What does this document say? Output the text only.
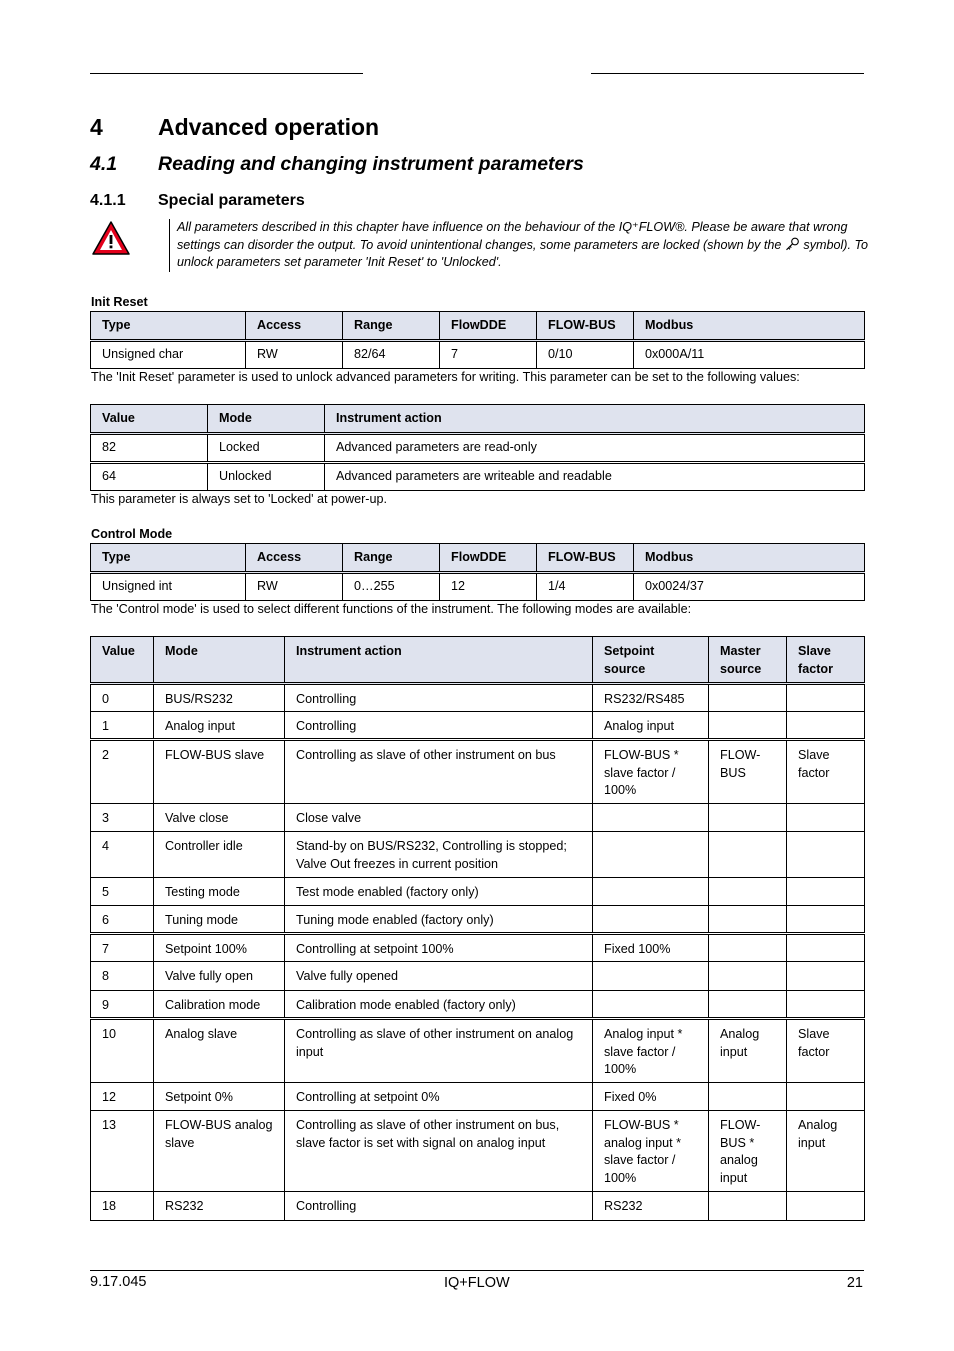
4 Advanced operation
4.1 Reading and changing instrument parameters
4.1.1 Special parameters
All parameters described in this chapter have influence on the behaviour of the IQ⁺FLOW®. Please be aware that wrong settings can disorder the output. To avoid unintentional changes, some parameters are locked (shown by the  symbol). To unlock parameters set parameter 'Init Reset' to 'Unlocked'.
Init Reset
Type	Access	Range	FlowDDE	FLOW-BUS	Modbus
Unsigned char	RW	82/64	7	0/10	0x000A/11
The 'Init Reset' parameter is used to unlock advanced parameters for writing. This parameter can be set to the following values:
Value	Mode	Instrument action
82	Locked	Advanced parameters are read-only
64	Unlocked	Advanced parameters are writeable and readable
This parameter is always set to 'Locked' at power-up.
Control Mode
Type	Access	Range	FlowDDE	FLOW-BUS	Modbus
Unsigned int	RW	0…255	12	1/4	0x0024/37
The 'Control mode' is used to select different functions of the instrument. The following modes are available:
Value	Mode	Instrument action	Setpoint source	Master source	Slave factor
0	BUS/RS232	Controlling	RS232/RS485		
1	Analog input	Controlling	Analog input		
2	FLOW-BUS slave	Controlling as slave of other instrument on bus	FLOW-BUS * slave factor / 100%	FLOW-BUS	Slave factor
3	Valve close	Close valve			
4	Controller idle	Stand-by on BUS/RS232, Controlling is stopped; Valve Out freezes in current position			
5	Testing mode	Test mode enabled (factory only)			
6	Tuning mode	Tuning mode enabled (factory only)			
7	Setpoint 100%	Controlling at setpoint 100%	Fixed 100%		
8	Valve fully open	Valve fully opened			
9	Calibration mode	Calibration mode enabled (factory only)			
10	Analog slave	Controlling as slave of other instrument on analog input	Analog input * slave factor / 100%	Analog input	Slave factor
12	Setpoint 0%	Controlling at setpoint 0%	Fixed 0%		
13	FLOW-BUS analog slave	Controlling as slave of other instrument on bus, slave factor is set with signal on analog input	FLOW-BUS * analog input * slave factor / 100%	FLOW-BUS * analog input	Analog input
18	RS232	Controlling	RS232		
9.17.045	IQ+FLOW	21
